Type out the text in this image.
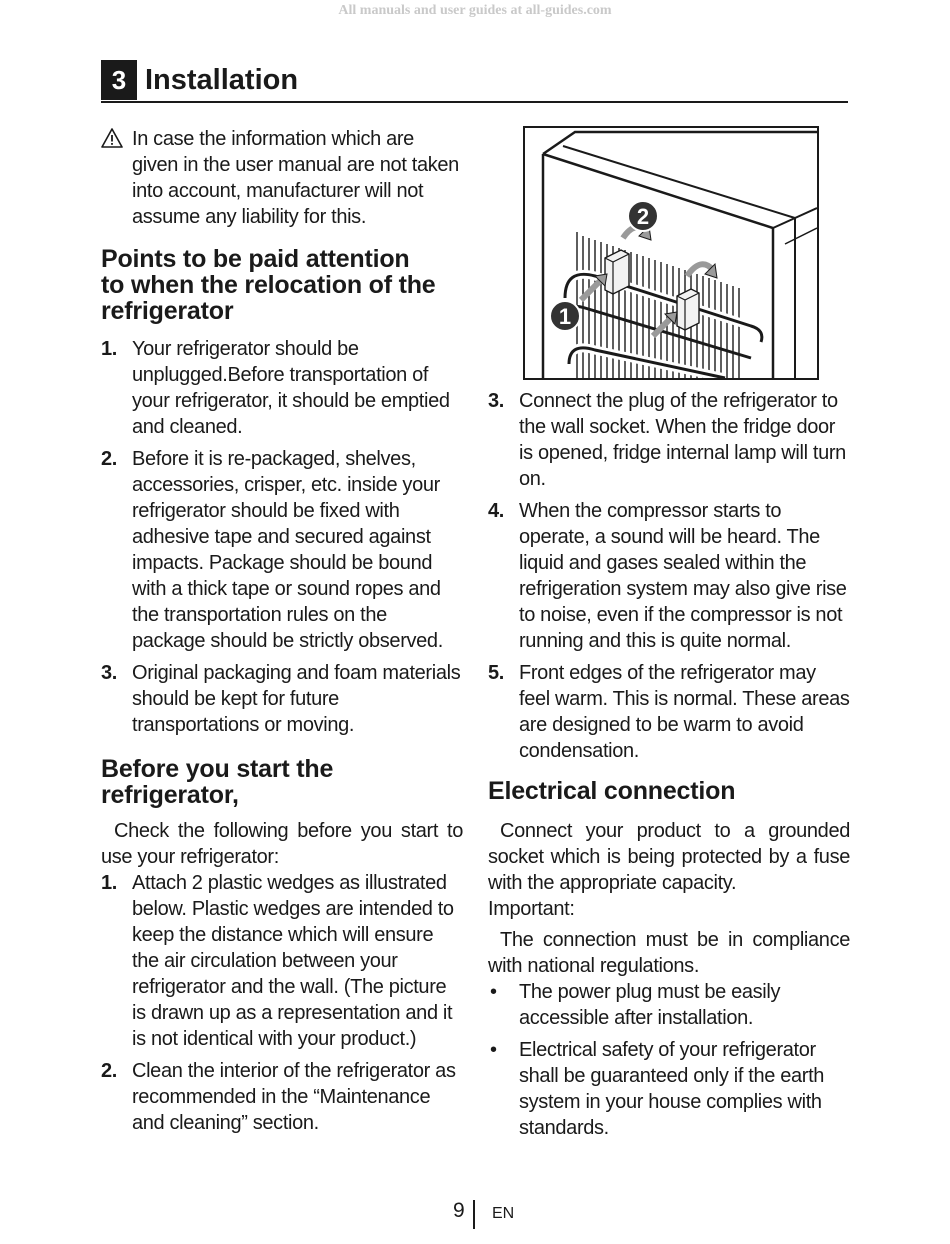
All manuals and user guides at all-guides.com
3 Installation

In case the information which are given in the user manual are not taken into account, manufacturer will not assume any liability for this.

Points to be paid attention
to when the relocation of the
refrigerator
1. Your refrigerator should be unplugged.Before transportation of your refrigerator, it should be emptied and cleaned.
2. Before it is re-packaged, shelves, accessories, crisper, etc. inside your refrigerator should be fixed with adhesive tape and secured against impacts. Package should be bound with a thick tape or sound ropes and the transportation rules on the package should be strictly observed.
3. Original packaging and foam materials should be kept for future transportations or moving.
Before you start the
refrigerator,

Check the following before you start to use your refrigerator:

1. Attach 2 plastic wedges as illustrated below. Plastic wedges are intended to keep the distance which will ensure the air circulation between your refrigerator and the wall. (The picture is drawn up as a representation and it is not identical with your product.)
2. Clean the interior of the refrigerator as recommended in the “Maintenance and cleaning” section.
2
1
3. Connect the plug of the refrigerator to the wall socket. When the fridge door is opened, fridge internal lamp will turn on.
4. When the compressor starts to operate, a sound will be heard. The liquid and gases sealed within the refrigeration system may also give rise to noise, even if the compressor is not running and this is quite normal.
5. Front edges of the refrigerator may feel warm. This is normal. These areas are designed to be warm to avoid condensation.
Electrical connection

Connect your product to a grounded socket which is being protected by a fuse with the appropriate capacity.

Important:

The connection must be in compliance with national regulations.

• The power plug must be easily accessible after installation.
• Electrical safety of your refrigerator shall be guaranteed only if the earth system in your house complies with standards.
9 EN
